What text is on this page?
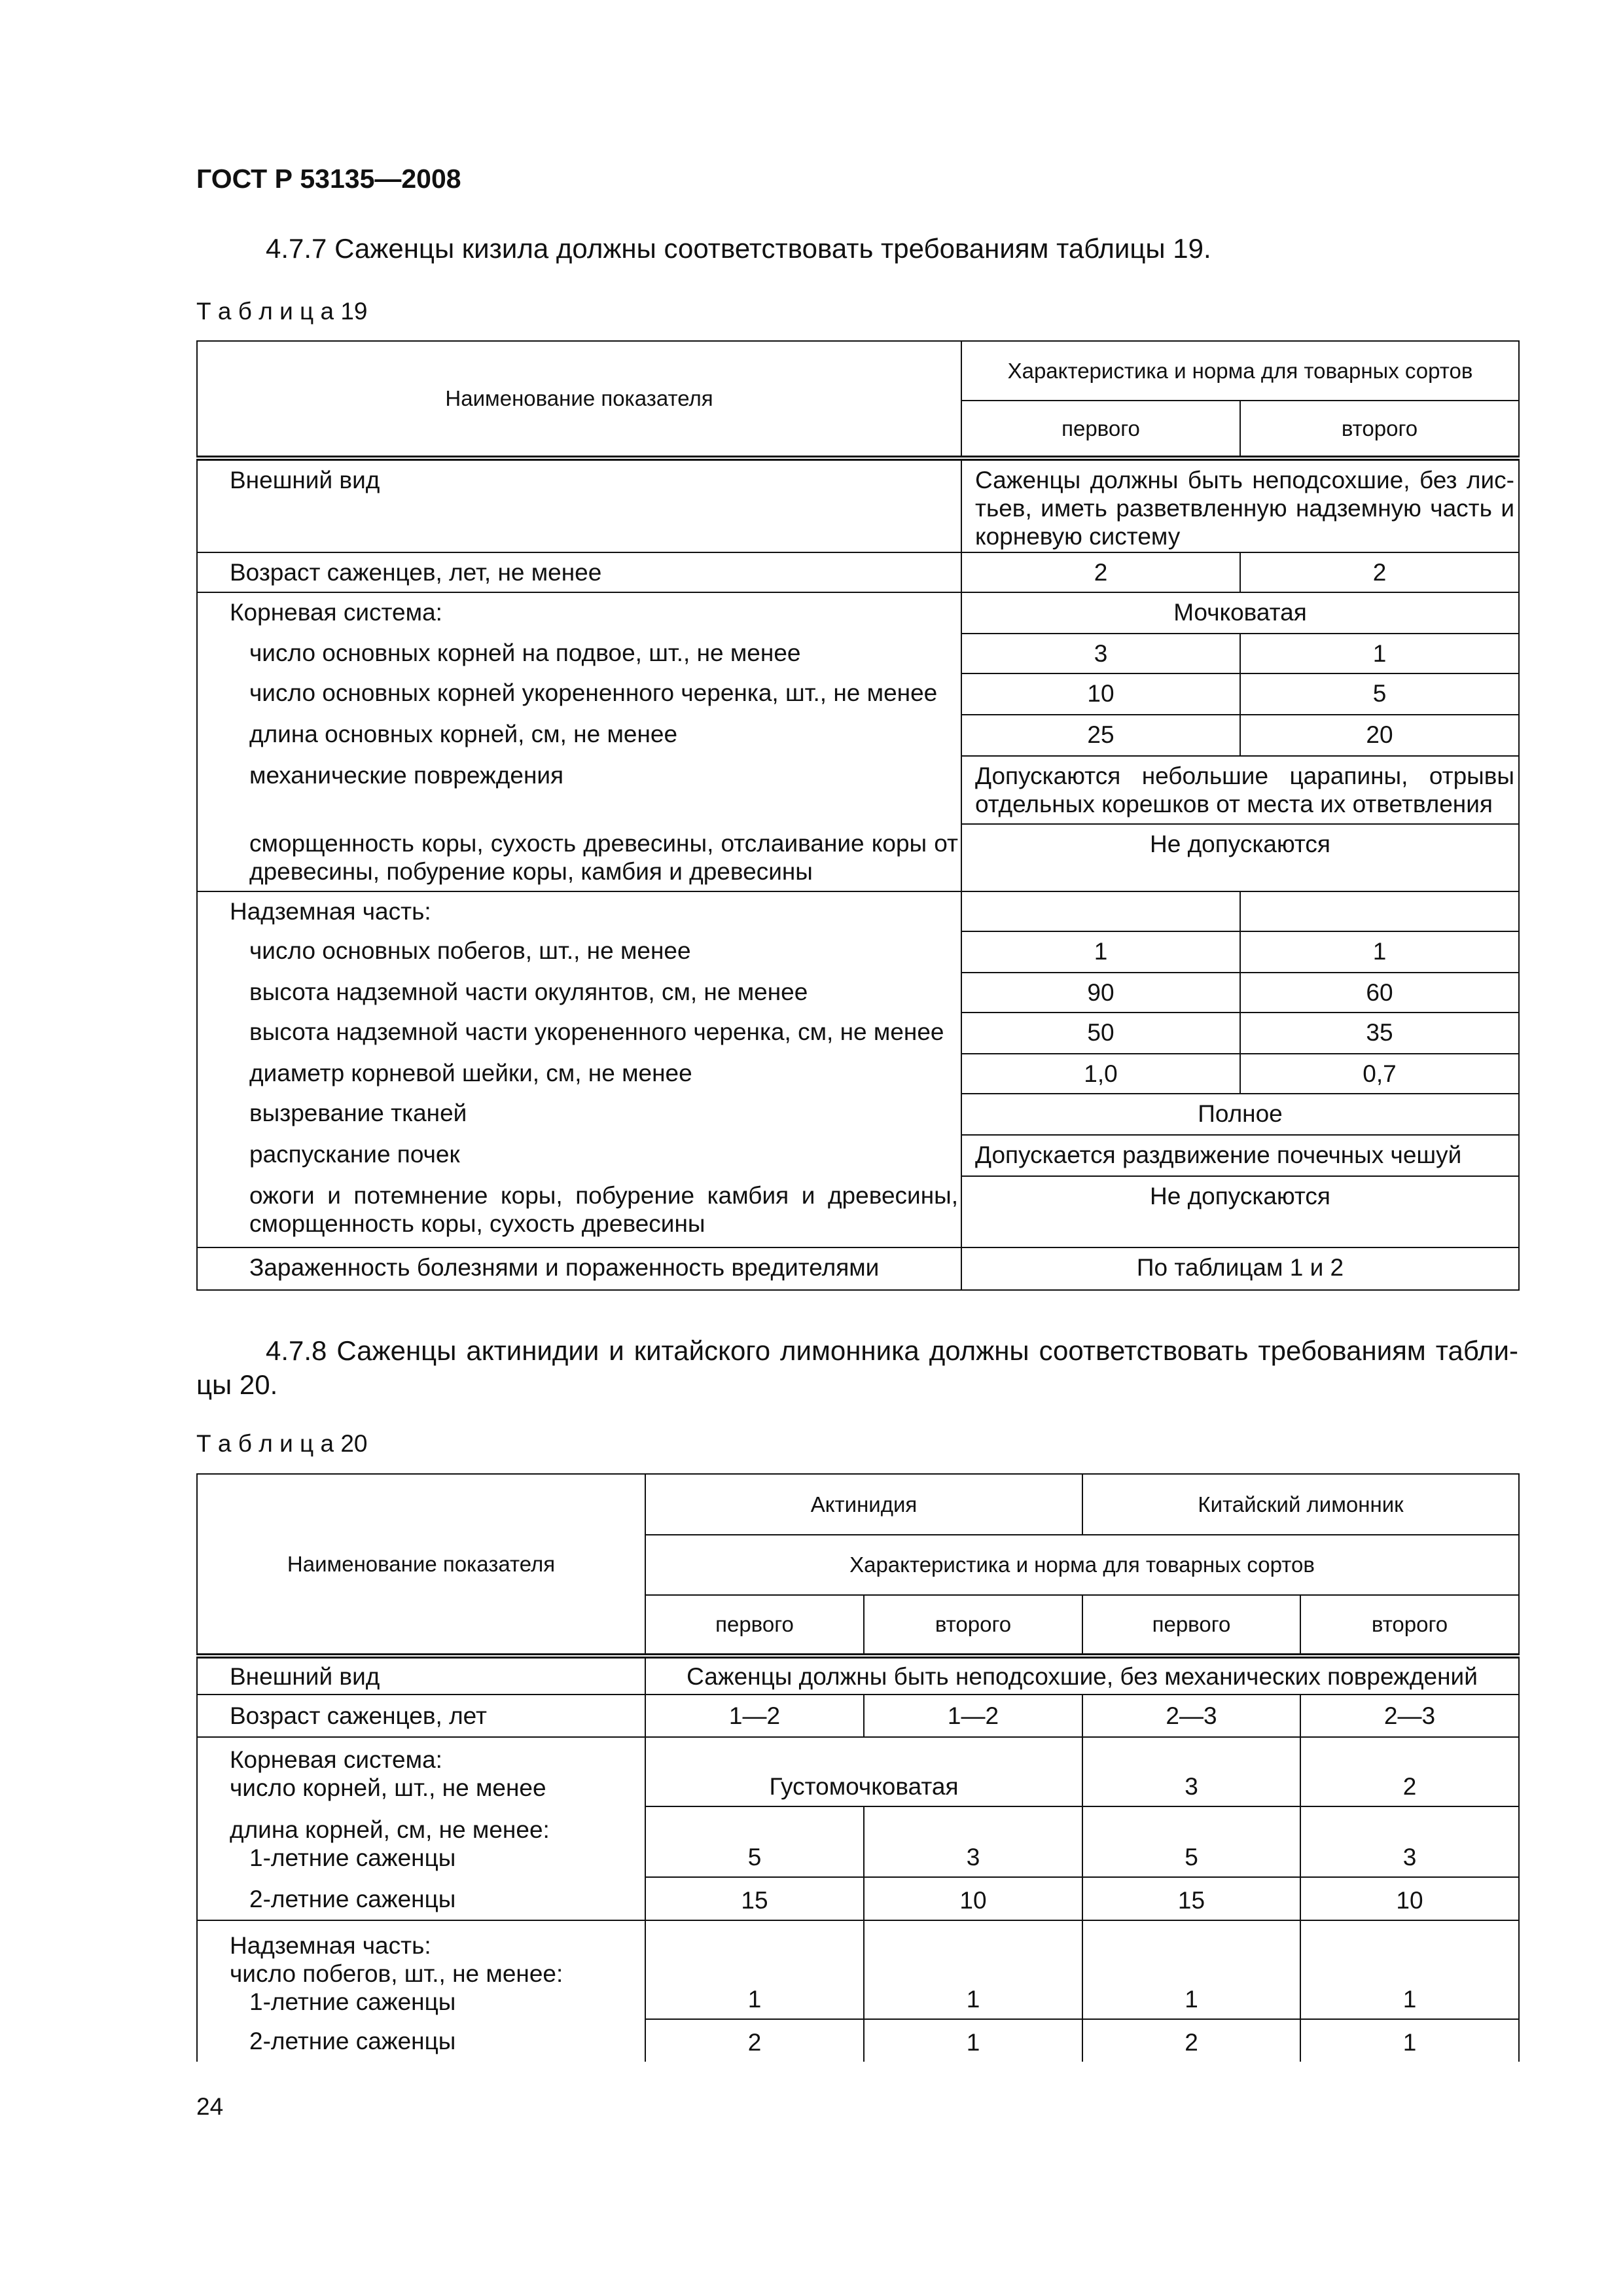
ГОСТ Р 53135—2008
4.7.7 Саженцы кизила должны соответствовать требованиям таблицы 19.
Т а б л и ц а 19
Наименование показателя	Характеристика и норма для товарных сортов	
	первого	второго
Внешний вид	Саженцы должны быть неподсохшие, без листьев, иметь разветвленную надземную часть и корневую систему	
Возраст саженцев, лет, не менее	2	2
Корневая система:	Мочковатая	
число основных корней на подвое, шт., не менее	3	1
число основных корней укорененного черенка, шт., не менее	10	5
длина основных корней, см, не менее	25	20
механические повреждения	Допускаются небольшие царапины, отрывы отдельных корешков от места их ответвления	
сморщенность коры, сухость древесины, отслаивание коры от древесины, побурение коры, камбия и древесины	Не допускаются	
Надземная часть:		
число основных побегов, шт., не менее	1	1
высота надземной части окулянтов, см, не менее	90	60
высота надземной части укорененного черенка, см, не менее	50	35
диаметр корневой шейки, см, не менее	1,0	0,7
вызревание тканей	Полное	
распускание почек	Допускается раздвижение почечных чешуй	
ожоги и потемнение коры, побурение камбия и древесины, сморщенность коры, сухость древесины	Не допускаются	
Зараженность болезнями и пораженность вредителями	По таблицам 1 и 2	
4.7.8 Саженцы актинидии и китайского лимонника должны соответствовать требованиям таблицы 20.
Т а б л и ц а 20
Наименование показателя	Актинидия		Китайский лимонник	
	Характеристика и норма для товарных сортов			
	первого	второго	первого	второго
Внешний вид	Саженцы должны быть неподсохшие, без механических повреждений			
Возраст саженцев, лет	1—2	1—2	2—3	2—3

Корневая система:
число корней, шт., не менее	Густомочковатая		3	2

длина корней, см, не менее:
1-летние саженцы	5	3	5	3

2-летние саженцы	15	10	15	10

Надземная часть:
число побегов, шт., не менее:
1-летние саженцы	1	1	1	1

2-летние саженцы	2	1	2	1
24
